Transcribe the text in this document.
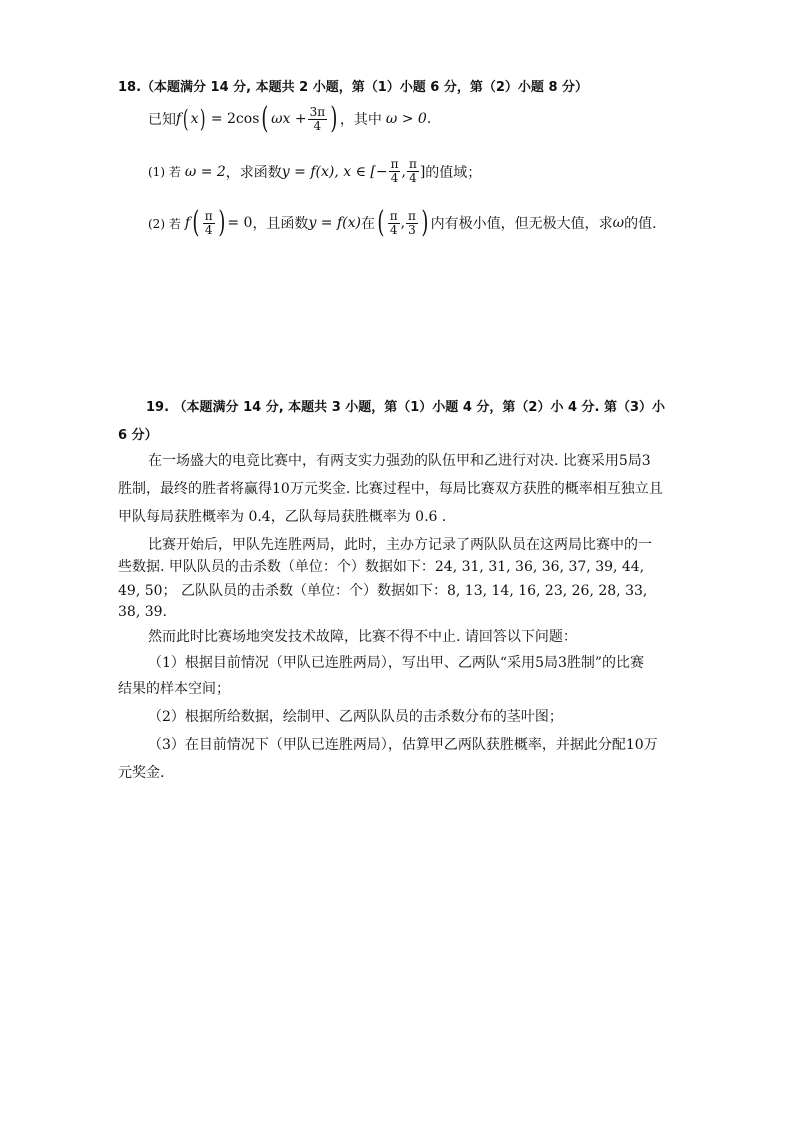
18.（本题满分 14 分, 本题共 2 小题，第（1）小题 6 分，第（2）小题 8 分）
已知 f ( x ) = 2cos ( $\omega x + \frac{3\pi}{4}$ ) ，其中 ω > 0 .
(1) 若 ω = 2 ，求函数 y = f(x), x ∈ [− $\frac{\pi}{4}$ , $\frac{\pi}{4}$ ] 的值域；
(2) 若 f ( $\frac{\pi}{4}$ ) = 0 ，且函数 y = f(x) 在 ( $\frac{\pi}{4}$ , $\frac{\pi}{3}$ ) 内有极小值，但无极大值，求 ω 的值.
19. （本题满分 14 分, 本题共 3 小题，第（1）小题 4 分，第（2）小 4 分. 第（3）小
6 分）
在一场盛大的电竞比赛中，有两支实力强劲的队伍甲和乙进行对决. 比赛采用5局3
胜制，最终的胜者将赢得10万元奖金. 比赛过程中，每局比赛双方获胜的概率相互独立且
甲队每局获胜概率为 0.4，乙队每局获胜概率为 0.6 .
比赛开始后，甲队先连胜两局，此时，主办方记录了两队队员在这两局比赛中的一
些数据. 甲队队员的击杀数（单位：个）数据如下：24, 31, 31, 36, 36, 37, 39, 44,
49, 50； 乙队队员的击杀数（单位：个）数据如下：8, 13, 14, 16, 23, 26, 28, 33,
38, 39.
然而此时比赛场地突发技术故障，比赛不得不中止. 请回答以下问题：
（1）根据目前情况（甲队已连胜两局），写出甲、乙两队“采用5局3胜制”的比赛
结果的样本空间；
（2）根据所给数据，绘制甲、乙两队队员的击杀数分布的茎叶图；
（3）在目前情况下（甲队已连胜两局），估算甲乙两队获胜概率，并据此分配10万
元奖金.
